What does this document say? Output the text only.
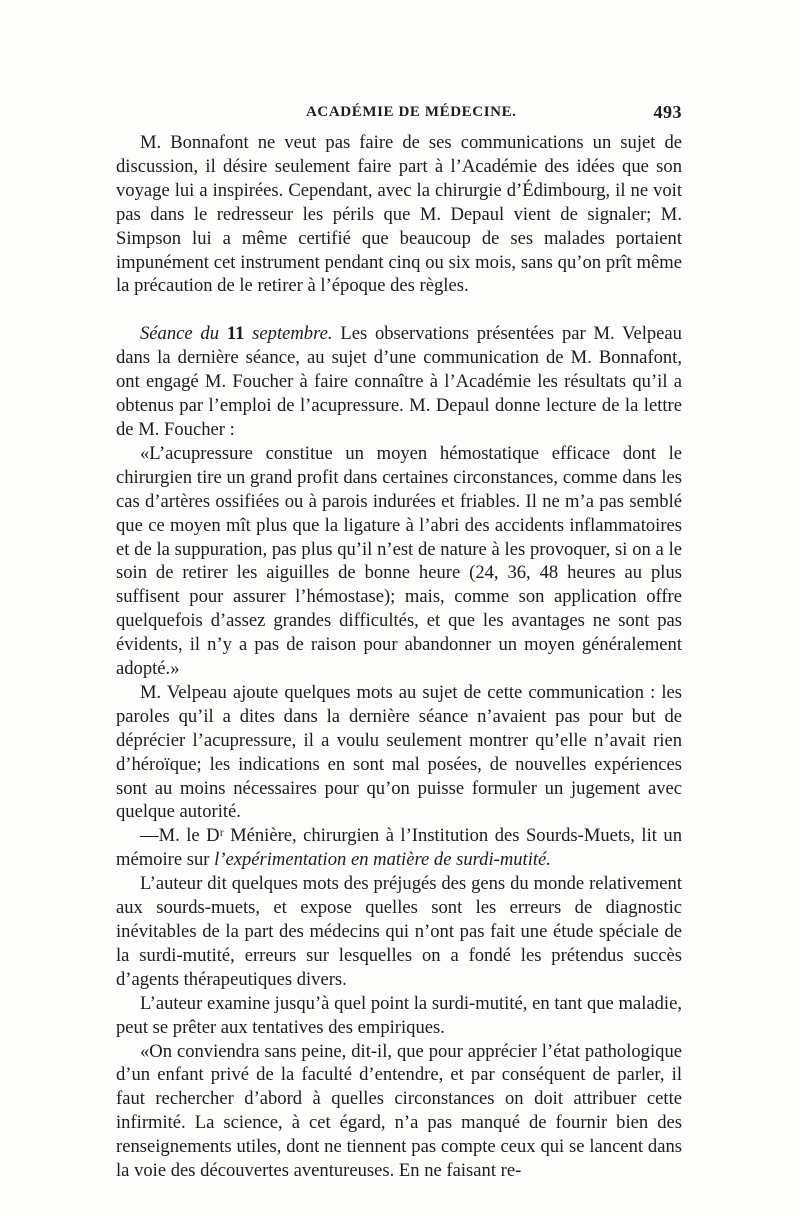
ACADÉMIE DE MÉDECINE.	493

M. Bonnafont ne veut pas faire de ses communications un sujet de discussion, il désire seulement faire part à l’Académie des idées que son voyage lui a inspirées. Cependant, avec la chirurgie d’Édimbourg, il ne voit pas dans le redresseur les périls que M. Depaul vient de signaler; M. Simpson lui a même certifié que beaucoup de ses malades portaient impunément cet instrument pendant cinq ou six mois, sans qu’on prît même la précaution de le retirer à l’époque des règles.

Séance du 11 septembre. Les observations présentées par M. Velpeau dans la dernière séance, au sujet d’une communication de M. Bonnafont, ont engagé M. Foucher à faire connaître à l’Académie les résultats qu’il a obtenus par l’emploi de l’acupressure. M. Depaul donne lecture de la lettre de M. Foucher :

«L’acupressure constitue un moyen hémostatique efficace dont le chirurgien tire un grand profit dans certaines circonstances, comme dans les cas d’artères ossifiées ou à parois indurées et friables. Il ne m’a pas semblé que ce moyen mît plus que la ligature à l’abri des accidents inflammatoires et de la suppuration, pas plus qu’il n’est de nature à les provoquer, si on a le soin de retirer les aiguilles de bonne heure (24, 36, 48 heures au plus suffisent pour assurer l’hémostase); mais, comme son application offre quelquefois d’assez grandes difficultés, et que les avantages ne sont pas évidents, il n’y a pas de raison pour abandonner un moyen généralement adopté.»

M. Velpeau ajoute quelques mots au sujet de cette communication : les paroles qu’il a dites dans la dernière séance n’avaient pas pour but de déprécier l’acupressure, il a voulu seulement montrer qu’elle n’avait rien d’héroïque; les indications en sont mal posées, de nouvelles expériences sont au moins nécessaires pour qu’on puisse formuler un jugement avec quelque autorité.

—M. le Dʳ Ménière, chirurgien à l’Institution des Sourds-Muets, lit un mémoire sur l’expérimentation en matière de surdi-mutité.

L’auteur dit quelques mots des préjugés des gens du monde relativement aux sourds-muets, et expose quelles sont les erreurs de diagnostic inévitables de la part des médecins qui n’ont pas fait une étude spéciale de la surdi-mutité, erreurs sur lesquelles on a fondé les prétendus succès d’agents thérapeutiques divers.

L’auteur examine jusqu’à quel point la surdi-mutité, en tant que maladie, peut se prêter aux tentatives des empiriques.

«On conviendra sans peine, dit-il, que pour apprécier l’état pathologique d’un enfant privé de la faculté d’entendre, et par conséquent de parler, il faut rechercher d’abord à quelles circonstances on doit attribuer cette infirmité. La science, à cet égard, n’a pas manqué de fournir bien des renseignements utiles, dont ne tiennent pas compte ceux qui se lancent dans la voie des découvertes aventureuses. En ne faisant re-
